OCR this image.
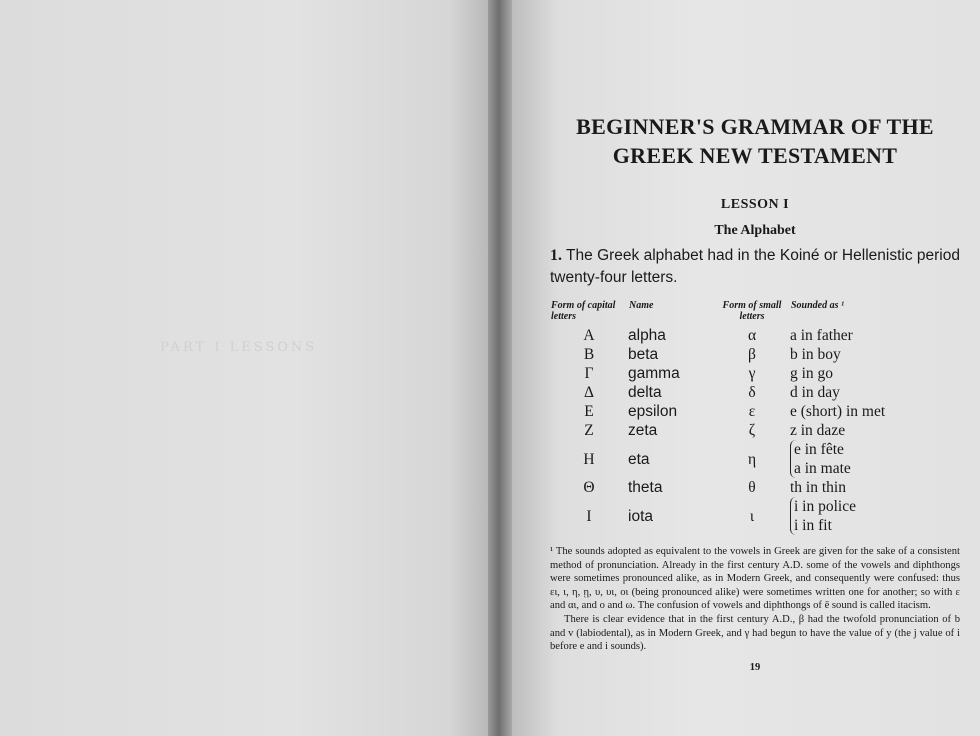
PART I LESSONS
BEGINNER'S GRAMMAR OF THE
GREEK NEW TESTAMENT
LESSON I
The Alphabet
1. The Greek alphabet had in the Koiné or Hellenistic period twenty-four letters.
Form of capital letters	Name	Form of small letters	Sounded as ¹
A	alpha	α	a in father
B	beta	β	b in boy
Γ	gamma	γ	g in go
Δ	delta	δ	d in day
E	epsilon	ε	e (short) in met
Z	zeta	ζ	z in daze
H	eta	η	e in fête
a in mate

Θ	theta	θ	th in thin
I	iota	ι	i in police
i in fit

¹ The sounds adopted as equivalent to the vowels in Greek are given for the sake of a consistent method of pronunciation. Already in the first century A.D. some of the vowels and diphthongs were sometimes pronounced alike, as in Modern Greek, and consequently were confused: thus ει, ι, η, ῃ, υ, υι, οι (being pronounced alike) were sometimes written one for another; so with ε and αι, and ο and ω. The confusion of vowels and diphthongs of ē sound is called itacism.

There is clear evidence that in the first century A.D., β had the twofold pronunciation of b and v (labiodental), as in Modern Greek, and γ had begun to have the value of y (the j value of i before e and i sounds).

19
